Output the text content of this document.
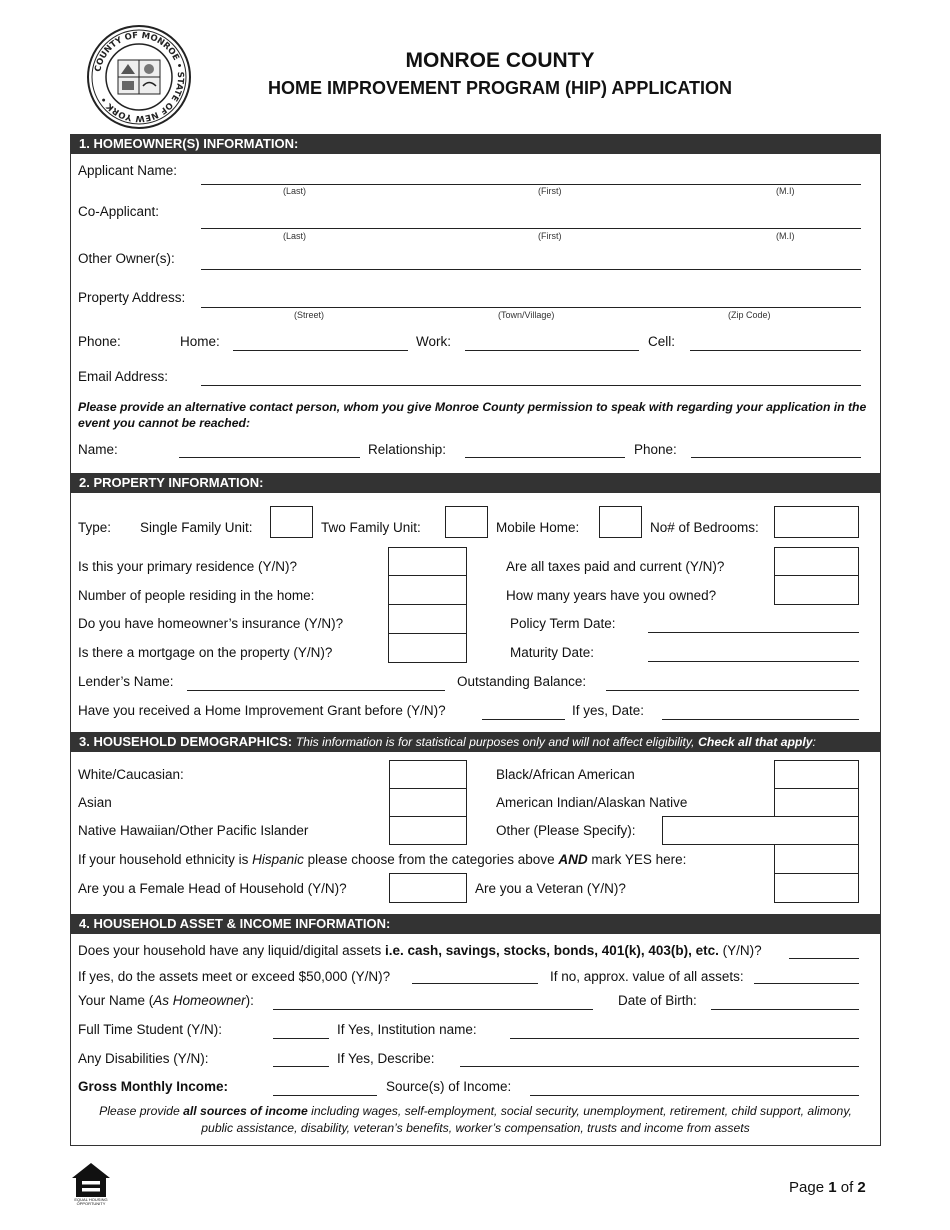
COUNTY OF MONROE • STATE OF NEW YORK •
MONROE COUNTY
HOME IMPROVEMENT PROGRAM (HIP) APPLICATION
1. HOMEOWNER(S) INFORMATION:
Applicant Name:
(Last)	(First)	(M.I)
Co-Applicant:
(Last)	(First)	(M.I)
Other Owner(s):
Property Address:
(Street)	(Town/Village)	(Zip Code)
Phone:	Home:	Work:	Cell:
Email Address:
Please provide an alternative contact person, whom you give Monroe County permission to speak with regarding your application in the
event you cannot be reached:
Name:	Relationship:	Phone:
2. PROPERTY INFORMATION:
Type: Single Family Unit:	Two Family Unit:	Mobile Home:	No# of Bedrooms:
Is this your primary residence (Y/N)?	Are all taxes paid and current (Y/N)?
Number of people residing in the home:	How many years have you owned?
Do you have homeowner’s insurance (Y/N)?	Policy Term Date:
Is there a mortgage on the property (Y/N)?	Maturity Date:
Lender’s Name:	Outstanding Balance:
Have you received a Home Improvement Grant before (Y/N)?	If yes, Date:
3. HOUSEHOLD DEMOGRAPHICS: This information is for statistical purposes only and will not affect eligibility, Check all that apply:
White/Caucasian:	Black/African American
Asian	American Indian/Alaskan Native
Native Hawaiian/Other Pacific Islander	Other (Please Specify):
If your household ethnicity is Hispanic please choose from the categories above AND mark YES here:
Are you a Female Head of Household (Y/N)?	Are you a Veteran (Y/N)?
4. HOUSEHOLD ASSET & INCOME INFORMATION:
Does your household have any liquid/digital assets i.e. cash, savings, stocks, bonds, 401(k), 403(b), etc. (Y/N)?
If yes, do the assets meet or exceed $50,000 (Y/N)?	If no, approx. value of all assets:
Your Name (As Homeowner):	Date of Birth:
Full Time Student (Y/N):	If Yes, Institution name:
Any Disabilities (Y/N):	If Yes, Describe:
Gross Monthly Income:	Source(s) of Income:
Please provide all sources of income including wages, self-employment, social security, unemployment, retirement, child support, alimony,
public assistance, disability, veteran’s benefits, worker’s compensation, trusts and income from assets
EQUAL HOUSING OPPORTUNITY
Page 1 of 2
